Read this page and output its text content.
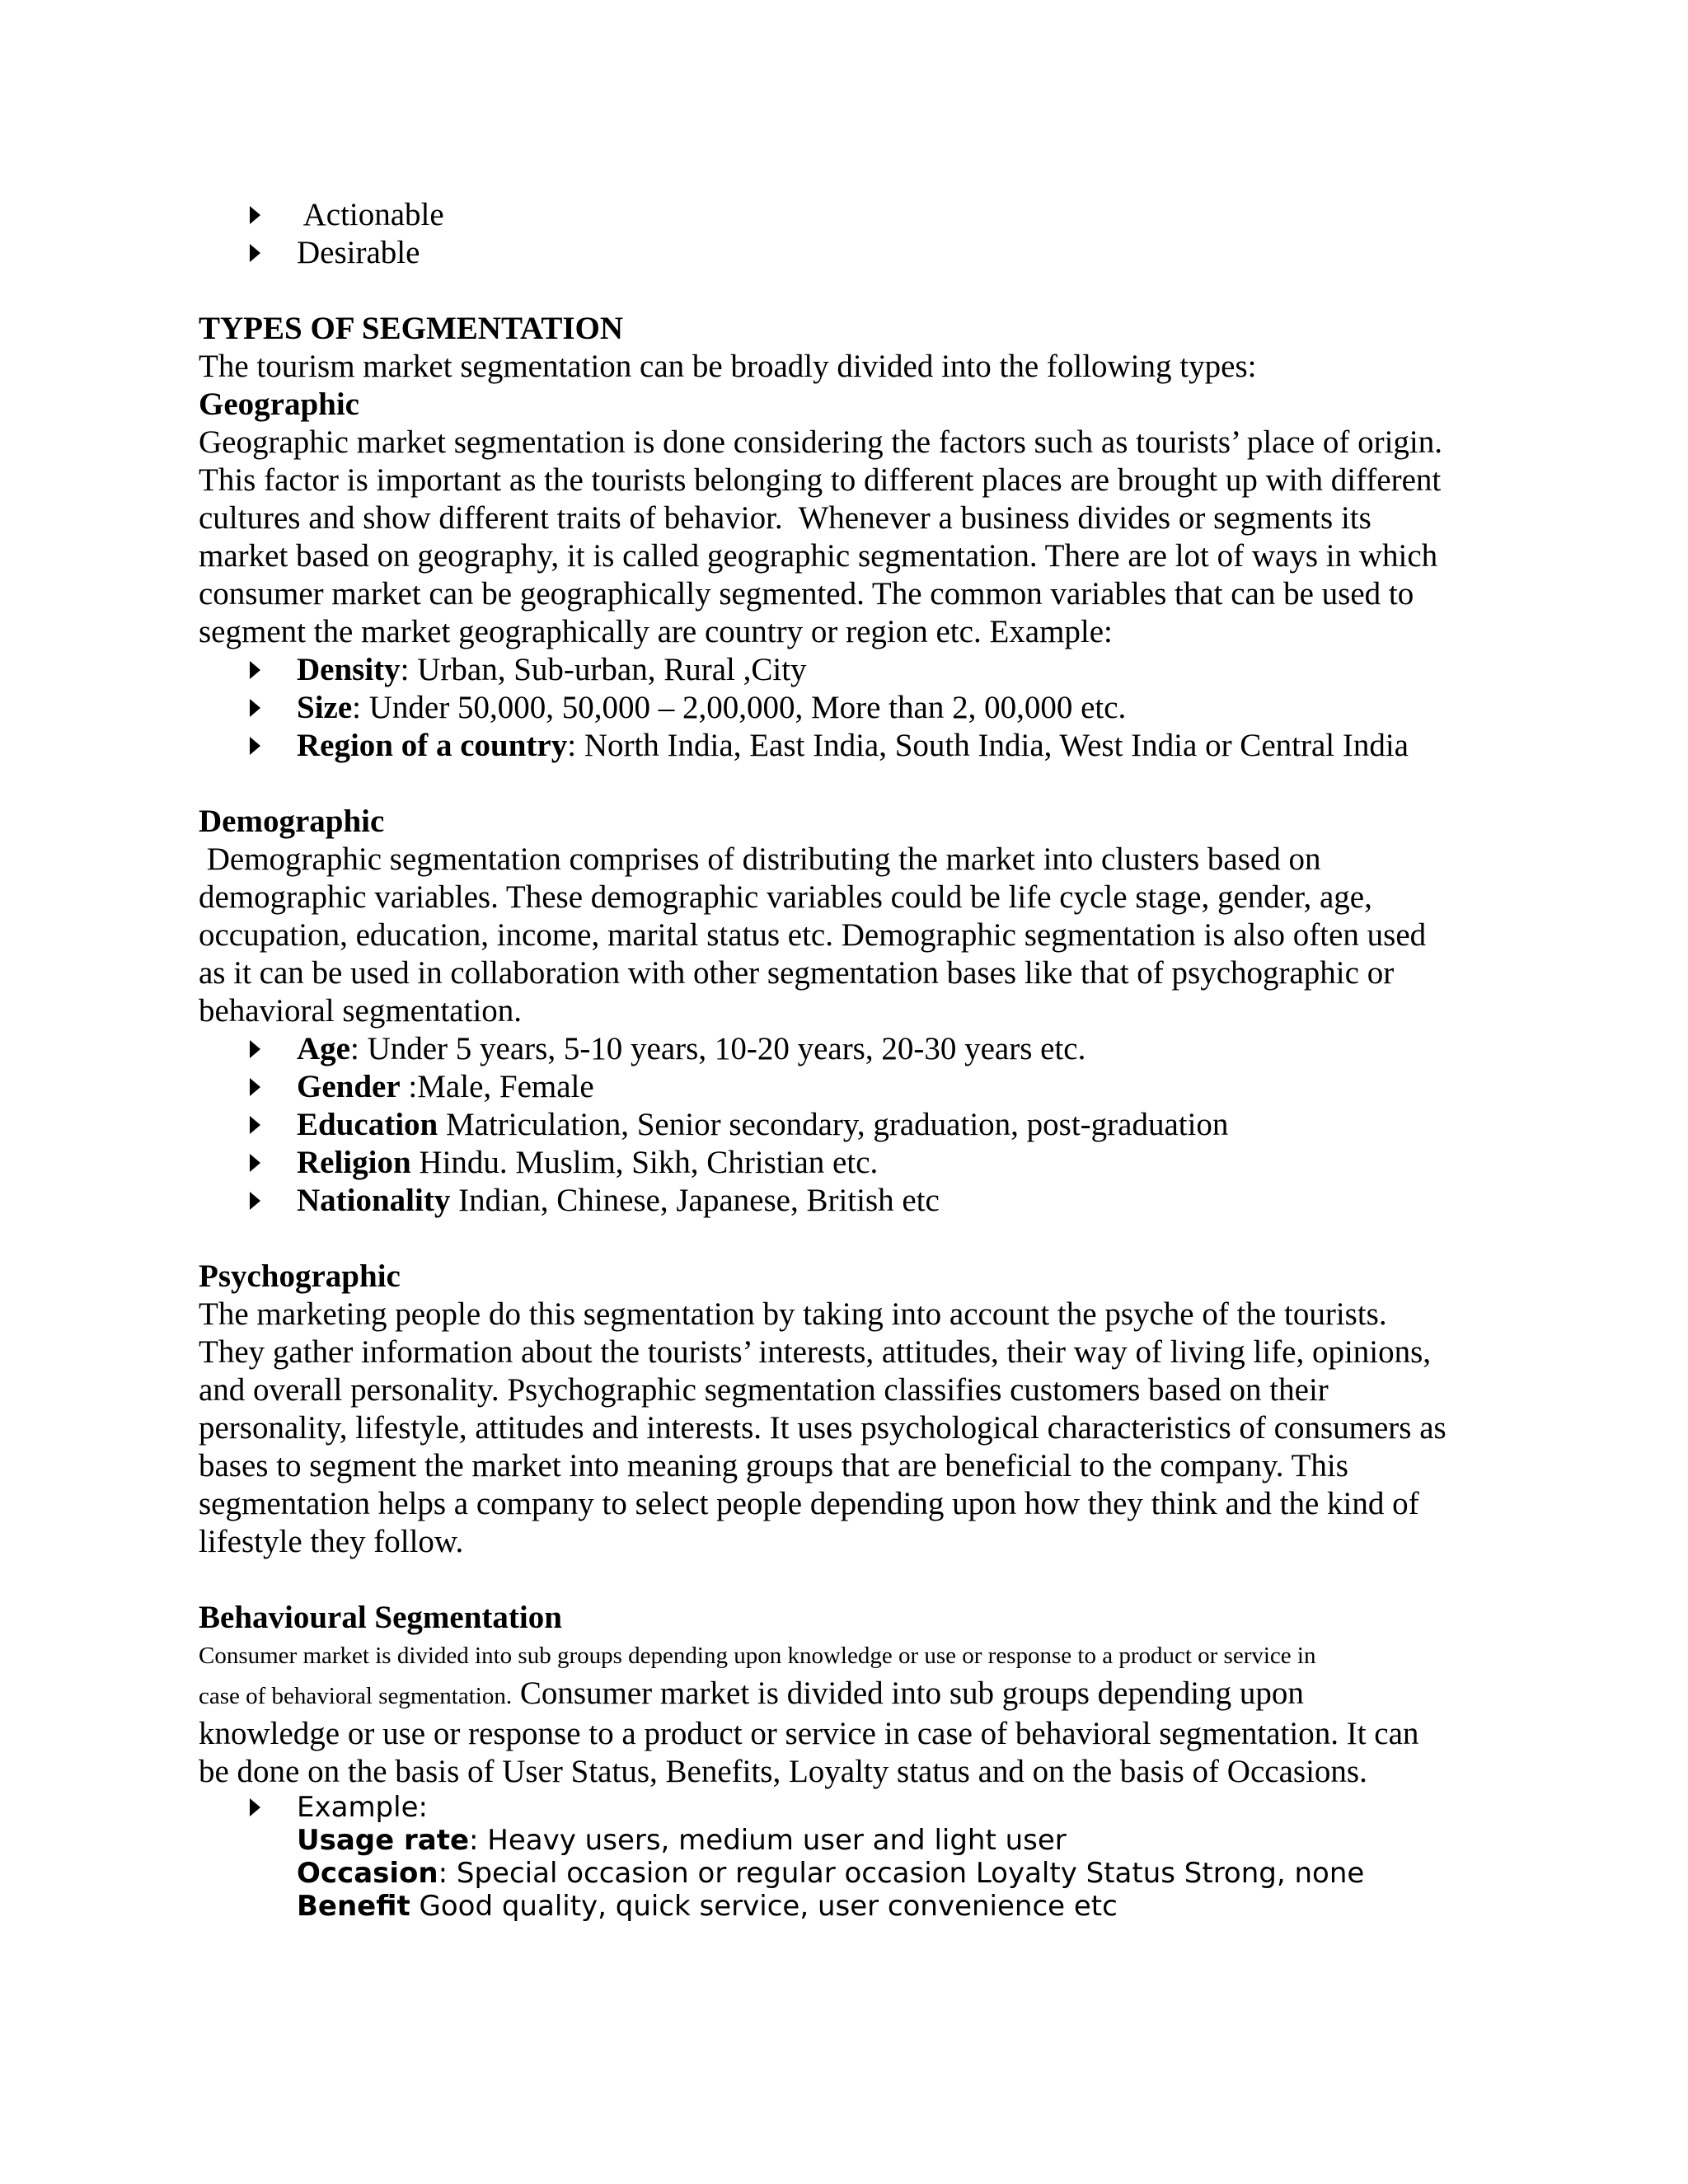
Actionable
Desirable

TYPES OF SEGMENTATION

The tourism market segmentation can be broadly divided into the following types:

Geographic

Geographic market segmentation is done considering the factors such as tourists’ place of origin.

This factor is important as the tourists belonging to different places are brought up with different

cultures and show different traits of behavior.  Whenever a business divides or segments its

market based on geography, it is called geographic segmentation. There are lot of ways in which

consumer market can be geographically segmented. The common variables that can be used to

segment the market geographically are country or region etc. Example:

Density: Urban, Sub-urban, Rural ,City
Size: Under 50,000, 50,000 – 2,00,000, More than 2, 00,000 etc.
Region of a country: North India, East India, South India, West India or Central India

Demographic

Demographic segmentation comprises of distributing the market into clusters based on

demographic variables. These demographic variables could be life cycle stage, gender, age,

occupation, education, income, marital status etc. Demographic segmentation is also often used

as it can be used in collaboration with other segmentation bases like that of psychographic or

behavioral segmentation.

Age: Under 5 years, 5-10 years, 10-20 years, 20-30 years etc.
Gender :Male, Female
Education Matriculation, Senior secondary, graduation, post-graduation
Religion Hindu. Muslim, Sikh, Christian etc.
Nationality Indian, Chinese, Japanese, British etc

Psychographic

The marketing people do this segmentation by taking into account the psyche of the tourists.

They gather information about the tourists’ interests, attitudes, their way of living life, opinions,

and overall personality. Psychographic segmentation classifies customers based on their

personality, lifestyle, attitudes and interests. It uses psychological characteristics of consumers as

bases to segment the market into meaning groups that are beneficial to the company. This

segmentation helps a company to select people depending upon how they think and the kind of

lifestyle they follow.

Behavioural Segmentation

Consumer market is divided into sub groups depending upon knowledge or use or response to a product or service in

case of behavioral segmentation. Consumer market is divided into sub groups depending upon

knowledge or use or response to a product or service in case of behavioral segmentation. It can

be done on the basis of User Status, Benefits, Loyalty status and on the basis of Occasions.

Example:

Usage rate: Heavy users, medium user and light user

Occasion: Special occasion or regular occasion Loyalty Status Strong, none

Benefit Good quality, quick service, user convenience etc
